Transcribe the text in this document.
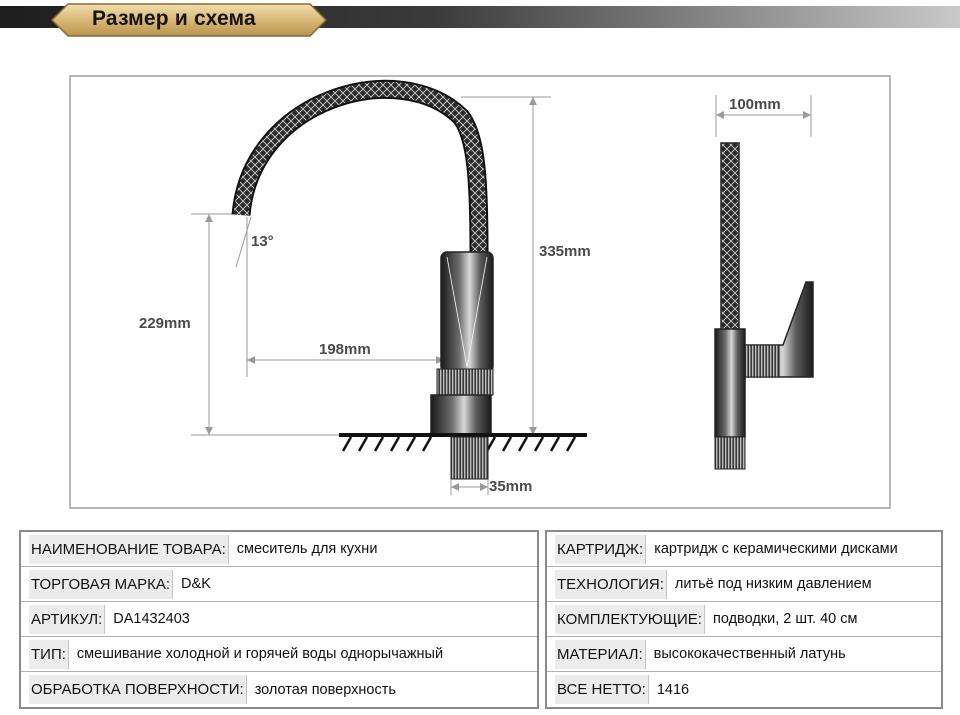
Размер и схема
100mm
13°
335mm
229mm
198mm
35mm
НАИМЕНОВАНИЕ ТОВАРА: смеситель для кухни
ТОРГОВАЯ МАРКА: D&K
АРТИКУЛ: DA1432403
ТИП: смешивание холодной и горячей воды однорычажный
ОБРАБОТКА ПОВЕРХНОСТИ: золотая поверхность
КАРТРИДЖ: картридж с керамическими дисками
ТЕХНОЛОГИЯ: литьё под низким давлением
КОМПЛЕКТУЮЩИЕ: подводки, 2 шт. 40 см
МАТЕРИАЛ: высококачественный латунь
ВСЕ НЕТТО: 1416
